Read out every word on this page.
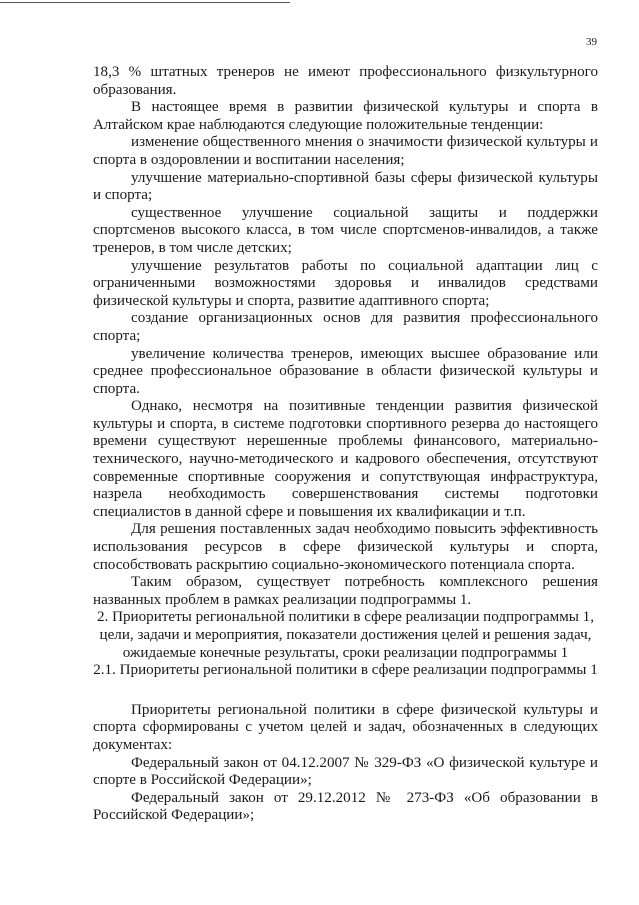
39

18,3 % штатных тренеров не имеют профессионального физкультурного образования.

В настоящее время в развитии физической культуры и спорта в Алтайском крае наблюдаются следующие положительные тенденции:

изменение общественного мнения о значимости физической культуры и спорта в оздоровлении и воспитании населения;

улучшение материально-спортивной базы сферы физической культуры и спорта;

существенное улучшение социальной защиты и поддержки спортсменов высокого класса, в том числе спортсменов-инвалидов, а также тренеров, в том числе детских;

улучшение результатов работы по социальной адаптации лиц с ограниченными возможностями здоровья и инвалидов средствами физической культуры и спорта, развитие адаптивного спорта;

создание организационных основ для развития профессионального спорта;

увеличение количества тренеров, имеющих высшее образование или среднее профессиональное образование в области физической культуры и спорта.

Однако, несмотря на позитивные тенденции развития физической культуры и спорта, в системе подготовки спортивного резерва до настоящего времени существуют нерешенные проблемы финансового, материально-технического, научно-методического и кадрового обеспечения, отсутствуют современные спортивные сооружения и сопутствующая инфраструктура, назрела необходимость совершенствования системы подготовки специалистов в данной сфере и повышения их квалификации и т.п.

Для решения поставленных задач необходимо повысить эффективность использования ресурсов в сфере физической культуры и спорта, способствовать раскрытию социально-экономического потенциала спорта.

Таким образом, существует потребность комплексного решения названных проблем в рамках реализации подпрограммы 1.

2. Приоритеты региональной политики в сфере реализации подпрограммы 1, цели, задачи и мероприятия, показатели достижения целей и решения задач, ожидаемые конечные результаты, сроки реализации подпрограммы 1

2.1. Приоритеты региональной политики в сфере реализации подпрограммы 1

Приоритеты региональной политики в сфере физической культуры и спорта сформированы с учетом целей и задач, обозначенных в следующих документах:

Федеральный закон от 04.12.2007 № 329-ФЗ «О физической культуре и спорте в Российской Федерации»;

Федеральный закон от 29.12.2012 № 273-ФЗ «Об образовании в Российской Федерации»;
